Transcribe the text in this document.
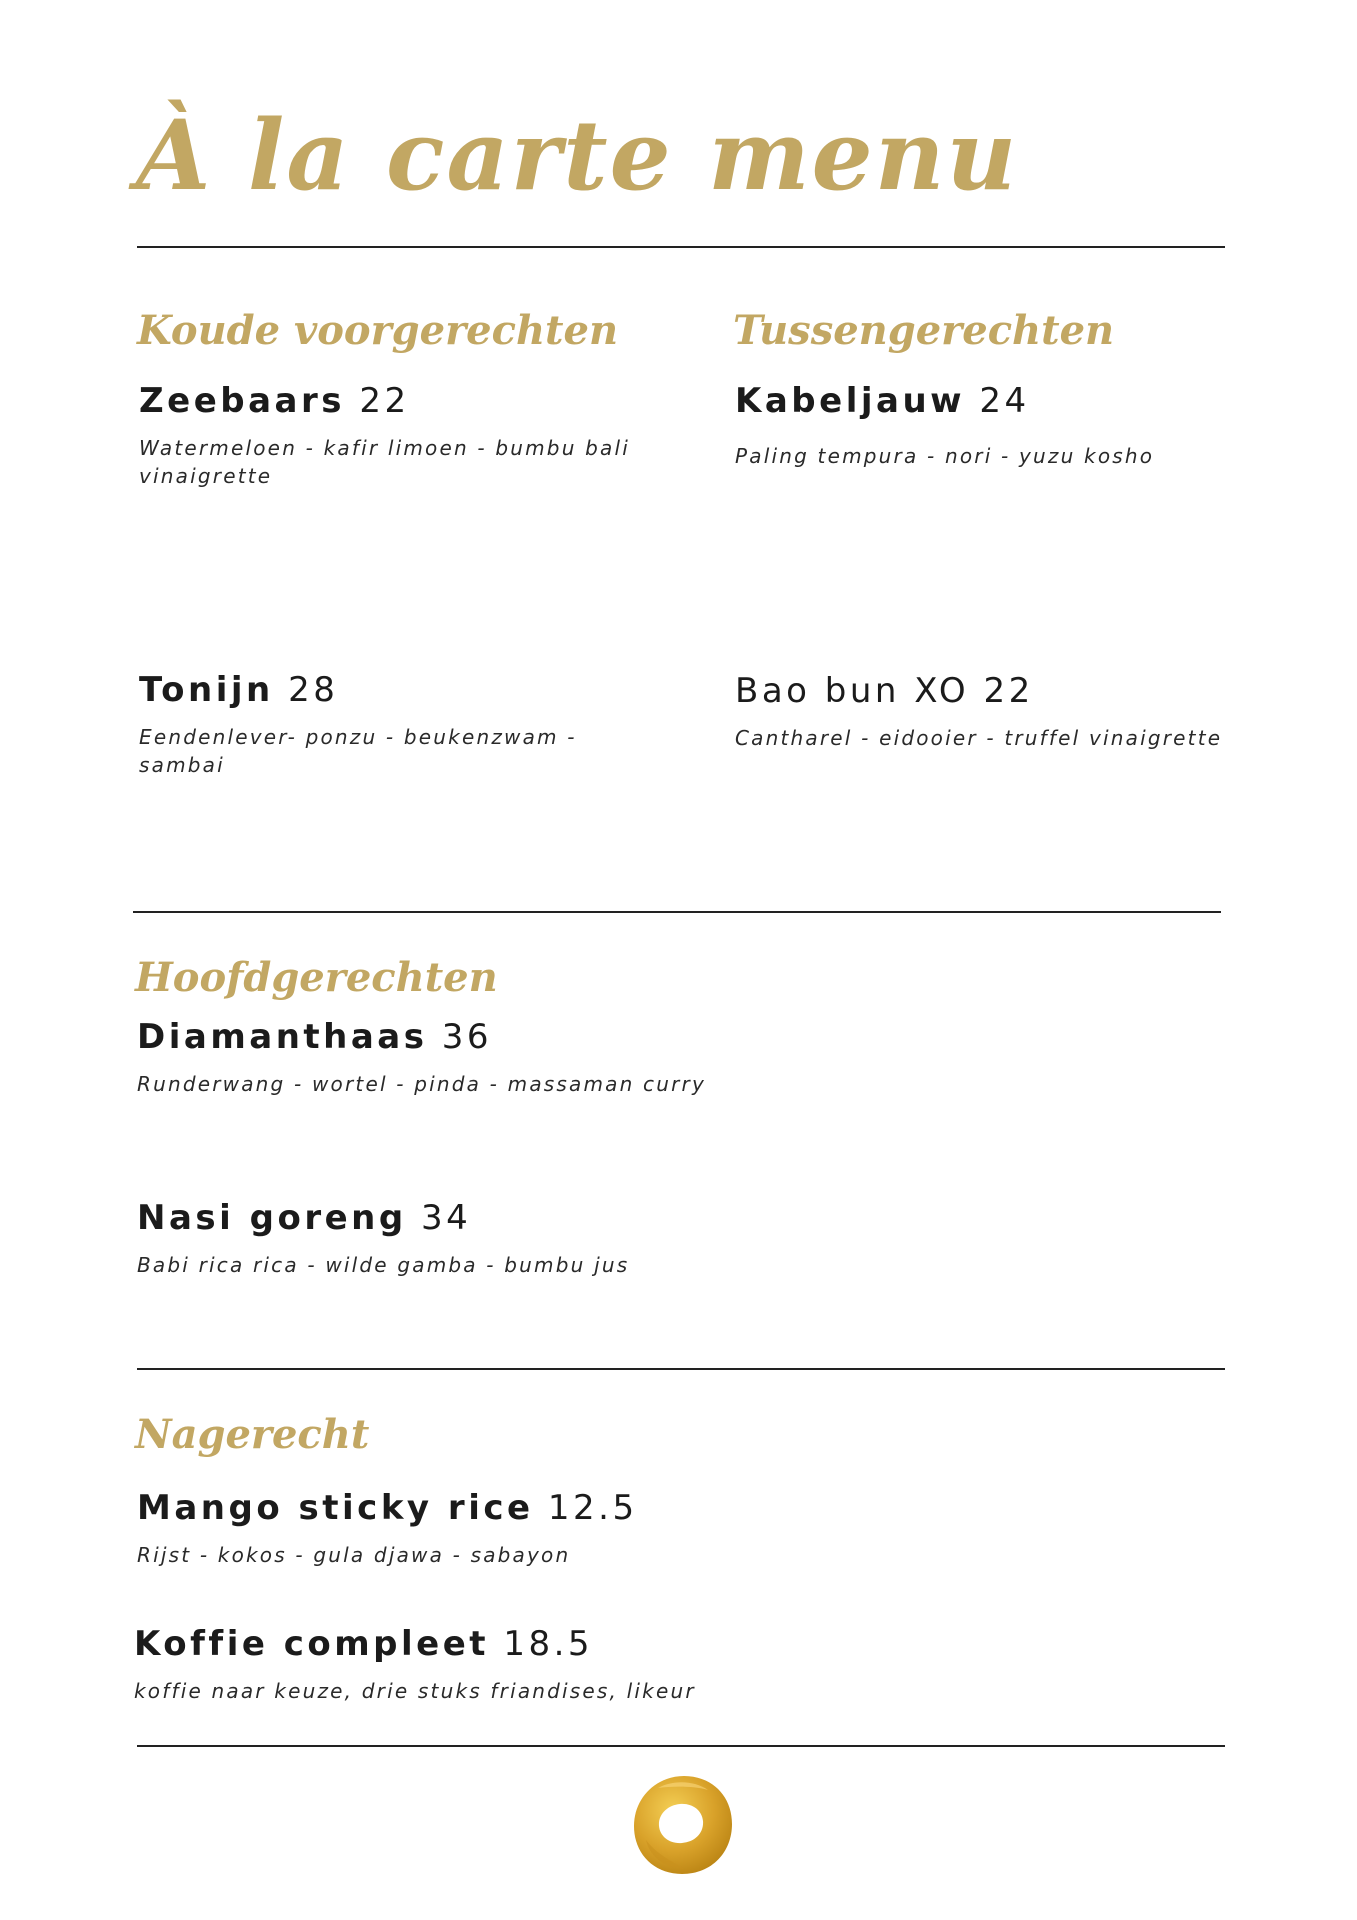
À la carte menu
Koude voorgerechten
Zeebaars 22
Watermeloen - kafir limoen - bumbu bali vinaigrette
Tonijn 28
Eendenlever- ponzu - beukenzwam - sambai
Tussengerechten
Kabeljauw 24
Paling tempura - nori - yuzu kosho
Bao bun XO 22
Cantharel - eidooier - truffel vinaigrette
Hoofdgerechten
Diamanthaas 36
Runderwang - wortel - pinda - massaman curry
Nasi goreng 34
Babi rica rica - wilde gamba - bumbu jus
Nagerecht
Mango sticky rice 12.5
Rijst - kokos - gula djawa - sabayon
Koffie compleet 18.5
koffie naar keuze, drie stuks friandises, likeur
